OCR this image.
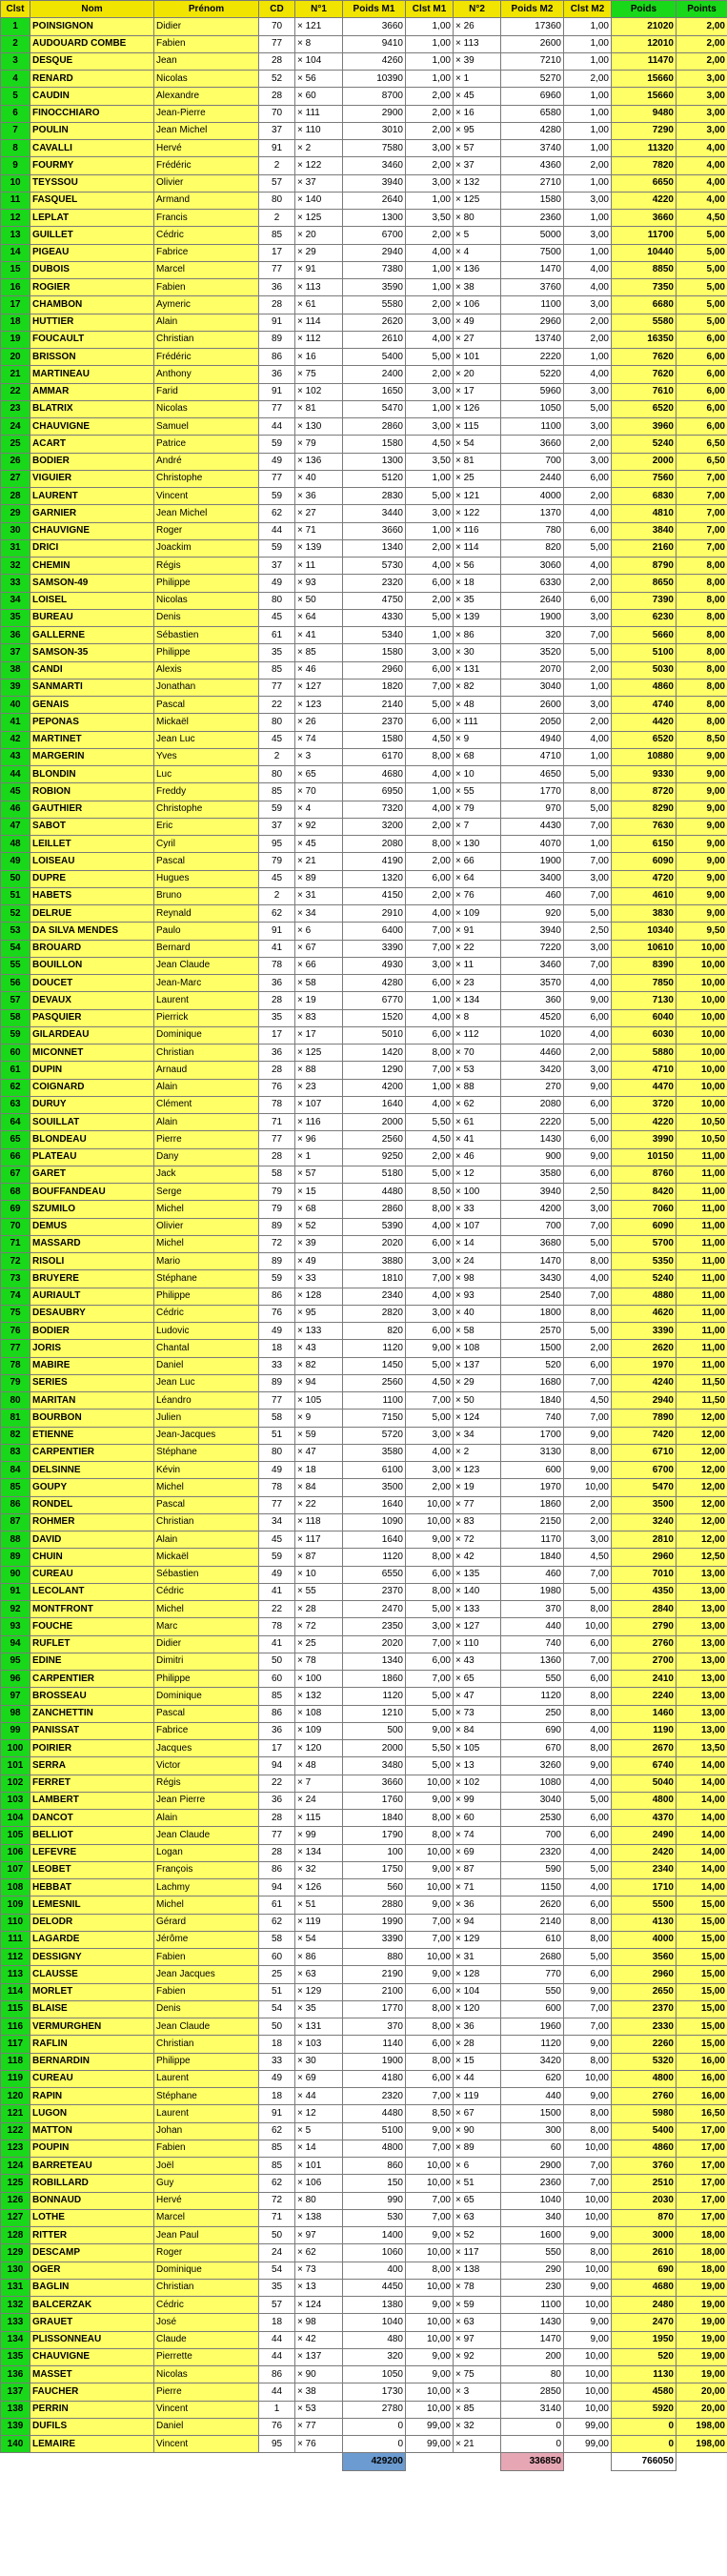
Clst	Nom	Prénom	CD	N°1	Poids M1	Clst M1	N°2	Poids M2	Clst M2	Poids	Points
1	POINSIGNON	Didier	70	× 121	3660	1,00	× 26	17360	1,00	21020	2,00
2	AUDOUARD COMBE	Fabien	77	× 8	9410	1,00	× 113	2600	1,00	12010	2,00
3	DESQUE	Jean	28	× 104	4260	1,00	× 39	7210	1,00	11470	2,00
4	RENARD	Nicolas	52	× 56	10390	1,00	× 1	5270	2,00	15660	3,00
5	CAUDIN	Alexandre	28	× 60	8700	2,00	× 45	6960	1,00	15660	3,00
6	FINOCCHIARO	Jean-Pierre	70	× 111	2900	2,00	× 16	6580	1,00	9480	3,00
7	POULIN	Jean Michel	37	× 110	3010	2,00	× 95	4280	1,00	7290	3,00
8	CAVALLI	Hervé	91	× 2	7580	3,00	× 57	3740	1,00	11320	4,00
9	FOURMY	Frédéric	2	× 122	3460	2,00	× 37	4360	2,00	7820	4,00
10	TEYSSOU	Olivier	57	× 37	3940	3,00	× 132	2710	1,00	6650	4,00
11	FASQUEL	Armand	80	× 140	2640	1,00	× 125	1580	3,00	4220	4,00
12	LEPLAT	Francis	2	× 125	1300	3,50	× 80	2360	1,00	3660	4,50
13	GUILLET	Cédric	85	× 20	6700	2,00	× 5	5000	3,00	11700	5,00
14	PIGEAU	Fabrice	17	× 29	2940	4,00	× 4	7500	1,00	10440	5,00
15	DUBOIS	Marcel	77	× 91	7380	1,00	× 136	1470	4,00	8850	5,00
16	ROGIER	Fabien	36	× 113	3590	1,00	× 38	3760	4,00	7350	5,00
17	CHAMBON	Aymeric	28	× 61	5580	2,00	× 106	1100	3,00	6680	5,00
18	HUTTIER	Alain	91	× 114	2620	3,00	× 49	2960	2,00	5580	5,00
19	FOUCAULT	Christian	89	× 112	2610	4,00	× 27	13740	2,00	16350	6,00
20	BRISSON	Frédéric	86	× 16	5400	5,00	× 101	2220	1,00	7620	6,00
21	MARTINEAU	Anthony	36	× 75	2400	2,00	× 20	5220	4,00	7620	6,00
22	AMMAR	Farid	91	× 102	1650	3,00	× 17	5960	3,00	7610	6,00
23	BLATRIX	Nicolas	77	× 81	5470	1,00	× 126	1050	5,00	6520	6,00
24	CHAUVIGNE	Samuel	44	× 130	2860	3,00	× 115	1100	3,00	3960	6,00
25	ACART	Patrice	59	× 79	1580	4,50	× 54	3660	2,00	5240	6,50
26	BODIER	André	49	× 136	1300	3,50	× 81	700	3,00	2000	6,50
27	VIGUIER	Christophe	77	× 40	5120	1,00	× 25	2440	6,00	7560	7,00
28	LAURENT	Vincent	59	× 36	2830	5,00	× 121	4000	2,00	6830	7,00
29	GARNIER	Jean Michel	62	× 27	3440	3,00	× 122	1370	4,00	4810	7,00
30	CHAUVIGNE	Roger	44	× 71	3660	1,00	× 116	780	6,00	3840	7,00
31	DRICI	Joackim	59	× 139	1340	2,00	× 114	820	5,00	2160	7,00
32	CHEMIN	Régis	37	× 11	5730	4,00	× 56	3060	4,00	8790	8,00
33	SAMSON-49	Philippe	49	× 93	2320	6,00	× 18	6330	2,00	8650	8,00
34	LOISEL	Nicolas	80	× 50	4750	2,00	× 35	2640	6,00	7390	8,00
35	BUREAU	Denis	45	× 64	4330	5,00	× 139	1900	3,00	6230	8,00
36	GALLERNE	Sébastien	61	× 41	5340	1,00	× 86	320	7,00	5660	8,00
37	SAMSON-35	Philippe	35	× 85	1580	3,00	× 30	3520	5,00	5100	8,00
38	CANDI	Alexis	85	× 46	2960	6,00	× 131	2070	2,00	5030	8,00
39	SANMARTI	Jonathan	77	× 127	1820	7,00	× 82	3040	1,00	4860	8,00
40	GENAIS	Pascal	22	× 123	2140	5,00	× 48	2600	3,00	4740	8,00
41	PEPONAS	Mickaël	80	× 26	2370	6,00	× 111	2050	2,00	4420	8,00
42	MARTINET	Jean Luc	45	× 74	1580	4,50	× 9	4940	4,00	6520	8,50
43	MARGERIN	Yves	2	× 3	6170	8,00	× 68	4710	1,00	10880	9,00
44	BLONDIN	Luc	80	× 65	4680	4,00	× 10	4650	5,00	9330	9,00
45	ROBION	Freddy	85	× 70	6950	1,00	× 55	1770	8,00	8720	9,00
46	GAUTHIER	Christophe	59	× 4	7320	4,00	× 79	970	5,00	8290	9,00
47	SABOT	Eric	37	× 92	3200	2,00	× 7	4430	7,00	7630	9,00
48	LEILLET	Cyril	95	× 45	2080	8,00	× 130	4070	1,00	6150	9,00
49	LOISEAU	Pascal	79	× 21	4190	2,00	× 66	1900	7,00	6090	9,00
50	DUPRE	Hugues	45	× 89	1320	6,00	× 64	3400	3,00	4720	9,00
51	HABETS	Bruno	2	× 31	4150	2,00	× 76	460	7,00	4610	9,00
52	DELRUE	Reynald	62	× 34	2910	4,00	× 109	920	5,00	3830	9,00
53	DA SILVA MENDES	Paulo	91	× 6	6400	7,00	× 91	3940	2,50	10340	9,50
54	BROUARD	Bernard	41	× 67	3390	7,00	× 22	7220	3,00	10610	10,00
55	BOUILLON	Jean Claude	78	× 66	4930	3,00	× 11	3460	7,00	8390	10,00
56	DOUCET	Jean-Marc	36	× 58	4280	6,00	× 23	3570	4,00	7850	10,00
57	DEVAUX	Laurent	28	× 19	6770	1,00	× 134	360	9,00	7130	10,00
58	PASQUIER	Pierrick	35	× 83	1520	4,00	× 8	4520	6,00	6040	10,00
59	GILARDEAU	Dominique	17	× 17	5010	6,00	× 112	1020	4,00	6030	10,00
60	MICONNET	Christian	36	× 125	1420	8,00	× 70	4460	2,00	5880	10,00
61	DUPIN	Arnaud	28	× 88	1290	7,00	× 53	3420	3,00	4710	10,00
62	COIGNARD	Alain	76	× 23	4200	1,00	× 88	270	9,00	4470	10,00
63	DURUY	Clément	78	× 107	1640	4,00	× 62	2080	6,00	3720	10,00
64	SOUILLAT	Alain	71	× 116	2000	5,50	× 61	2220	5,00	4220	10,50
65	BLONDEAU	Pierre	77	× 96	2560	4,50	× 41	1430	6,00	3990	10,50
66	PLATEAU	Dany	28	× 1	9250	2,00	× 46	900	9,00	10150	11,00
67	GARET	Jack	58	× 57	5180	5,00	× 12	3580	6,00	8760	11,00
68	BOUFFANDEAU	Serge	79	× 15	4480	8,50	× 100	3940	2,50	8420	11,00
69	SZUMILO	Michel	79	× 68	2860	8,00	× 33	4200	3,00	7060	11,00
70	DEMUS	Olivier	89	× 52	5390	4,00	× 107	700	7,00	6090	11,00
71	MASSARD	Michel	72	× 39	2020	6,00	× 14	3680	5,00	5700	11,00
72	RISOLI	Mario	89	× 49	3880	3,00	× 24	1470	8,00	5350	11,00
73	BRUYERE	Stéphane	59	× 33	1810	7,00	× 98	3430	4,00	5240	11,00
74	AURIAULT	Philippe	86	× 128	2340	4,00	× 93	2540	7,00	4880	11,00
75	DESAUBRY	Cédric	76	× 95	2820	3,00	× 40	1800	8,00	4620	11,00
76	BODIER	Ludovic	49	× 133	820	6,00	× 58	2570	5,00	3390	11,00
77	JORIS	Chantal	18	× 43	1120	9,00	× 108	1500	2,00	2620	11,00
78	MABIRE	Daniel	33	× 82	1450	5,00	× 137	520	6,00	1970	11,00
79	SERIES	Jean Luc	89	× 94	2560	4,50	× 29	1680	7,00	4240	11,50
80	MARITAN	Léandro	77	× 105	1100	7,00	× 50	1840	4,50	2940	11,50
81	BOURBON	Julien	58	× 9	7150	5,00	× 124	740	7,00	7890	12,00
82	ETIENNE	Jean-Jacques	51	× 59	5720	3,00	× 34	1700	9,00	7420	12,00
83	CARPENTIER	Stéphane	80	× 47	3580	4,00	× 2	3130	8,00	6710	12,00
84	DELSINNE	Kévin	49	× 18	6100	3,00	× 123	600	9,00	6700	12,00
85	GOUPY	Michel	78	× 84	3500	2,00	× 19	1970	10,00	5470	12,00
86	RONDEL	Pascal	77	× 22	1640	10,00	× 77	1860	2,00	3500	12,00
87	ROHMER	Christian	34	× 118	1090	10,00	× 83	2150	2,00	3240	12,00
88	DAVID	Alain	45	× 117	1640	9,00	× 72	1170	3,00	2810	12,00
89	CHUIN	Mickaël	59	× 87	1120	8,00	× 42	1840	4,50	2960	12,50
90	CUREAU	Sébastien	49	× 10	6550	6,00	× 135	460	7,00	7010	13,00
91	LECOLANT	Cédric	41	× 55	2370	8,00	× 140	1980	5,00	4350	13,00
92	MONTFRONT	Michel	22	× 28	2470	5,00	× 133	370	8,00	2840	13,00
93	FOUCHE	Marc	78	× 72	2350	3,00	× 127	440	10,00	2790	13,00
94	RUFLET	Didier	41	× 25	2020	7,00	× 110	740	6,00	2760	13,00
95	EDINE	Dimitri	50	× 78	1340	6,00	× 43	1360	7,00	2700	13,00
96	CARPENTIER	Philippe	60	× 100	1860	7,00	× 65	550	6,00	2410	13,00
97	BROSSEAU	Dominique	85	× 132	1120	5,00	× 47	1120	8,00	2240	13,00
98	ZANCHETTIN	Pascal	86	× 108	1210	5,00	× 73	250	8,00	1460	13,00
99	PANISSAT	Fabrice	36	× 109	500	9,00	× 84	690	4,00	1190	13,00
100	POIRIER	Jacques	17	× 120	2000	5,50	× 105	670	8,00	2670	13,50
101	SERRA	Victor	94	× 48	3480	5,00	× 13	3260	9,00	6740	14,00
102	FERRET	Régis	22	× 7	3660	10,00	× 102	1080	4,00	5040	14,00
103	LAMBERT	Jean Pierre	36	× 24	1760	9,00	× 99	3040	5,00	4800	14,00
104	DANCOT	Alain	28	× 115	1840	8,00	× 60	2530	6,00	4370	14,00
105	BELLIOT	Jean Claude	77	× 99	1790	8,00	× 74	700	6,00	2490	14,00
106	LEFEVRE	Logan	28	× 134	100	10,00	× 69	2320	4,00	2420	14,00
107	LEOBET	François	86	× 32	1750	9,00	× 87	590	5,00	2340	14,00
108	HEBBAT	Lachmy	94	× 126	560	10,00	× 71	1150	4,00	1710	14,00
109	LEMESNIL	Michel	61	× 51	2880	9,00	× 36	2620	6,00	5500	15,00
110	DELODR	Gérard	62	× 119	1990	7,00	× 94	2140	8,00	4130	15,00
111	LAGARDE	Jérôme	58	× 54	3390	7,00	× 129	610	8,00	4000	15,00
112	DESSIGNY	Fabien	60	× 86	880	10,00	× 31	2680	5,00	3560	15,00
113	CLAUSSE	Jean Jacques	25	× 63	2190	9,00	× 128	770	6,00	2960	15,00
114	MORLET	Fabien	51	× 129	2100	6,00	× 104	550	9,00	2650	15,00
115	BLAISE	Denis	54	× 35	1770	8,00	× 120	600	7,00	2370	15,00
116	VERMURGHEN	Jean Claude	50	× 131	370	8,00	× 36	1960	7,00	2330	15,00
117	RAFLIN	Christian	18	× 103	1140	6,00	× 28	1120	9,00	2260	15,00
118	BERNARDIN	Philippe	33	× 30	1900	8,00	× 15	3420	8,00	5320	16,00
119	CUREAU	Laurent	49	× 69	4180	6,00	× 44	620	10,00	4800	16,00
120	RAPIN	Stéphane	18	× 44	2320	7,00	× 119	440	9,00	2760	16,00
121	LUGON	Laurent	91	× 12	4480	8,50	× 67	1500	8,00	5980	16,50
122	MATTON	Johan	62	× 5	5100	9,00	× 90	300	8,00	5400	17,00
123	POUPIN	Fabien	85	× 14	4800	7,00	× 89	60	10,00	4860	17,00
124	BARRETEAU	Joël	85	× 101	860	10,00	× 6	2900	7,00	3760	17,00
125	ROBILLARD	Guy	62	× 106	150	10,00	× 51	2360	7,00	2510	17,00
126	BONNAUD	Hervé	72	× 80	990	7,00	× 65	1040	10,00	2030	17,00
127	LOTHE	Marcel	71	× 138	530	7,00	× 63	340	10,00	870	17,00
128	RITTER	Jean Paul	50	× 97	1400	9,00	× 52	1600	9,00	3000	18,00
129	DESCAMP	Roger	24	× 62	1060	10,00	× 117	550	8,00	2610	18,00
130	OGER	Dominique	54	× 73	400	8,00	× 138	290	10,00	690	18,00
131	BAGLIN	Christian	35	× 13	4450	10,00	× 78	230	9,00	4680	19,00
132	BALCERZAK	Cédric	57	× 124	1380	9,00	× 59	1100	10,00	2480	19,00
133	GRAUET	José	18	× 98	1040	10,00	× 63	1430	9,00	2470	19,00
134	PLISSONNEAU	Claude	44	× 42	480	10,00	× 97	1470	9,00	1950	19,00
135	CHAUVIGNE	Pierrette	44	× 137	320	9,00	× 92	200	10,00	520	19,00
136	MASSET	Nicolas	86	× 90	1050	9,00	× 75	80	10,00	1130	19,00
137	FAUCHER	Pierre	44	× 38	1730	10,00	× 3	2850	10,00	4580	20,00
138	PERRIN	Vincent	1	× 53	2780	10,00	× 85	3140	10,00	5920	20,00
139	DUFILS	Daniel	76	× 77	0	99,00	× 32	0	99,00	0	198,00
140	LEMAIRE	Vincent	95	× 76	0	99,00	× 21	0	99,00	0	198,00
					429200			336850		766050	
